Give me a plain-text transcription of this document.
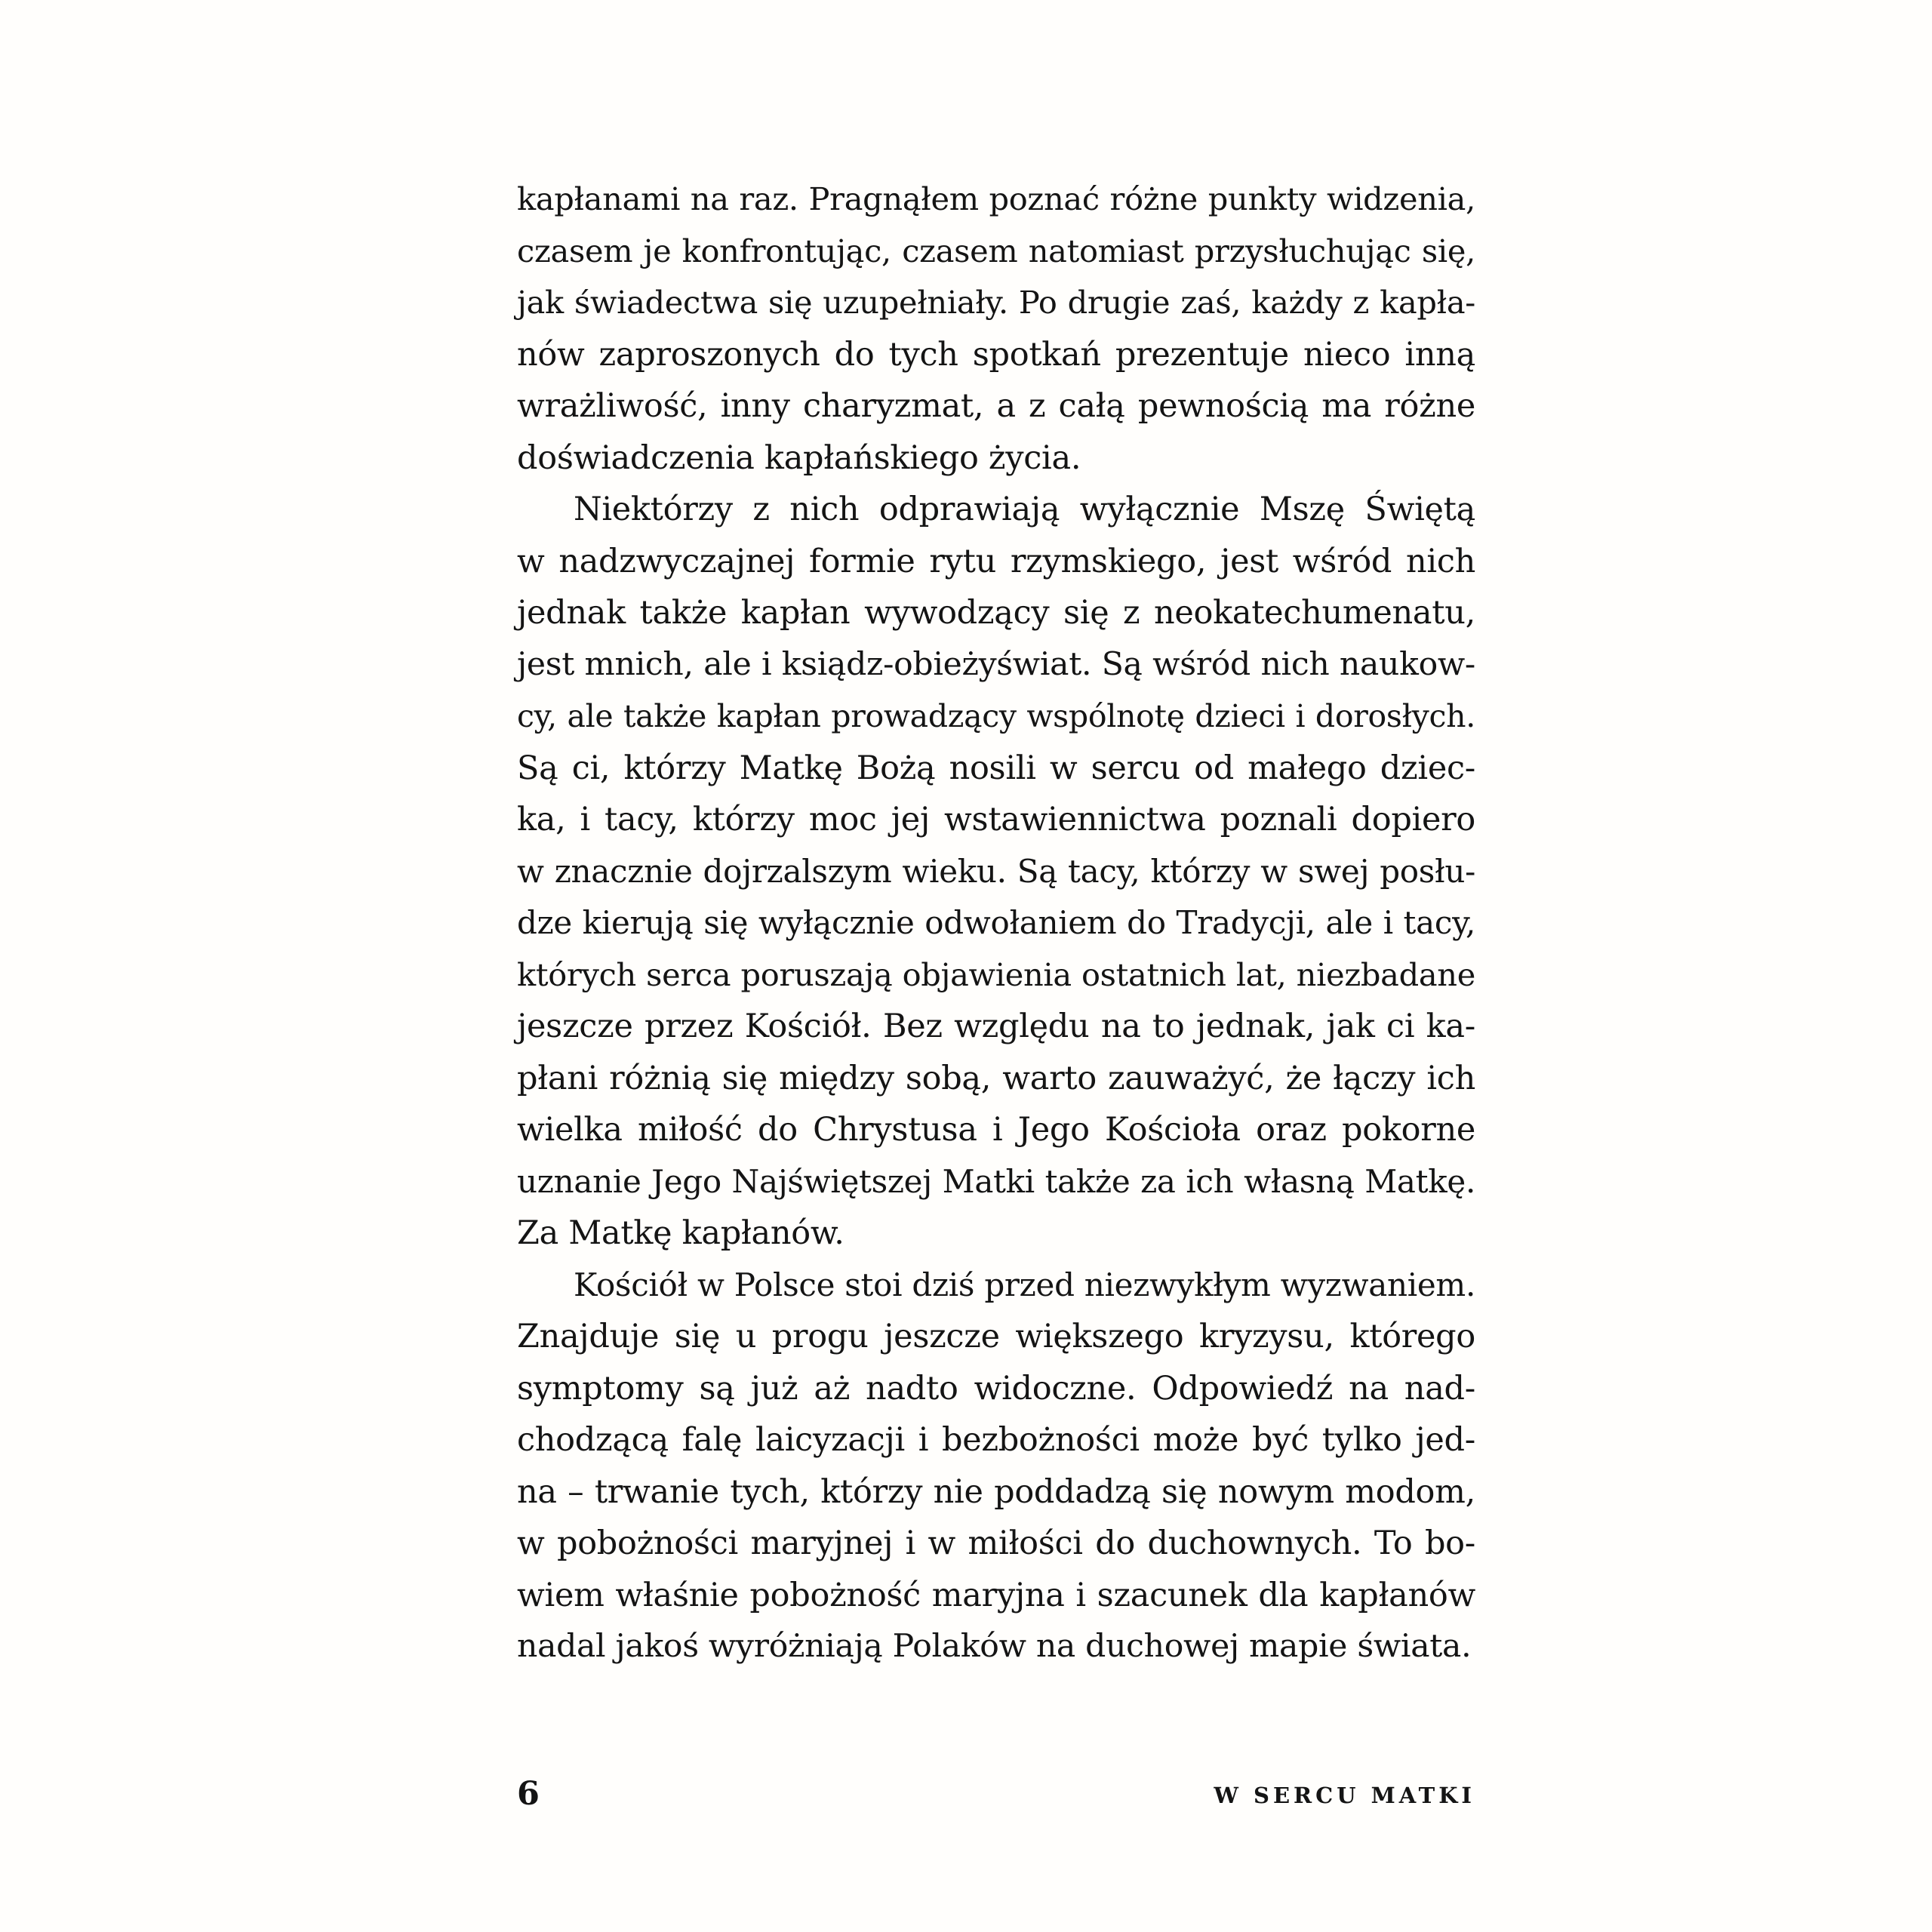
kapłanami na raz. Pragnąłem poznać różne punkty widzenia,
czasem je konfrontując, czasem natomiast przysłuchując się,
jak świadectwa się uzupełniały. Po drugie zaś, każdy z kapła-
nów zaproszonych do tych spotkań prezentuje nieco inną
wrażliwość, inny charyzmat, a z całą pewnością ma różne
doświadczenia kapłańskiego życia.
Niektórzy z nich odprawiają wyłącznie Mszę Świętą
w nadzwyczajnej formie rytu rzymskiego, jest wśród nich
jednak także kapłan wywodzący się z neokatechumenatu,
jest mnich, ale i ksiądz-obieżyświat. Są wśród nich naukow-
cy, ale także kapłan prowadzący wspólnotę dzieci i dorosłych.
Są ci, którzy Matkę Bożą nosili w sercu od małego dziec-
ka, i tacy, którzy moc jej wstawiennictwa poznali dopiero
w znacznie dojrzalszym wieku. Są tacy, którzy w swej posłu-
dze kierują się wyłącznie odwołaniem do Tradycji, ale i tacy,
których serca poruszają objawienia ostatnich lat, niezbadane
jeszcze przez Kościół. Bez względu na to jednak, jak ci ka-
płani różnią się między sobą, warto zauważyć, że łączy ich
wielka miłość do Chrystusa i Jego Kościoła oraz pokorne
uznanie Jego Najświętszej Matki także za ich własną Matkę.
Za Matkę kapłanów.
Kościół w Polsce stoi dziś przed niezwykłym wyzwaniem.
Znajduje się u progu jeszcze większego kryzysu, którego
symptomy są już aż nadto widoczne. Odpowiedź na nad-
chodzącą falę laicyzacji i bezbożności może być tylko jed-
na – trwanie tych, którzy nie poddadzą się nowym modom,
w pobożności maryjnej i w miłości do duchownych. To bo-
wiem właśnie pobożność maryjna i szacunek dla kapłanów
nadal jakoś wyróżniają Polaków na duchowej mapie świata.
6	W SERCU MATKI
